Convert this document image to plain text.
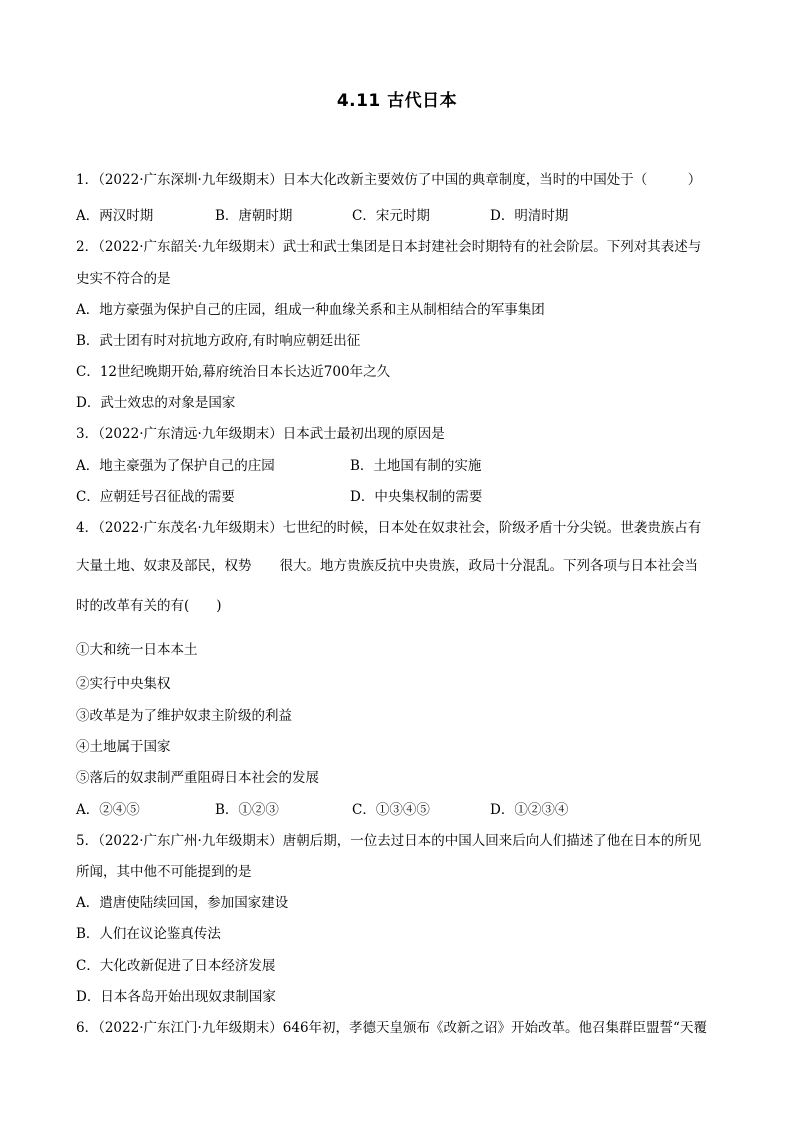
4.11 古代日本
1．（2022·广东深圳·九年级期末）日本大化改新主要效仿了中国的典章制度，当时的中国处于（　　　）
A．两汉时期	B．唐朝时期	C．宋元时期	D．明清时期
2．（2022·广东韶关·九年级期末）武士和武士集团是日本封建社会时期特有的社会阶层。下列对其表述与
史实不符合的是
A．地方豪强为保护自己的庄园，组成一种血缘关系和主从制相结合的军事集团
B．武士团有时对抗地方政府,有时响应朝廷出征
C．12世纪晚期开始,幕府统治日本长达近700年之久
D．武士效忠的对象是国家
3．（2022·广东清远·九年级期末）日本武士最初出现的原因是
A．地主豪强为了保护自己的庄园	B．土地国有制的实施
C．应朝廷号召征战的需要	D．中央集权制的需要
4．（2022·广东茂名·九年级期末）七世纪的时候，日本处在奴隶社会，阶级矛盾十分尖锐。世袭贵族占有
大量土地、奴隶及部民，权势 很大。地方贵族反抗中央贵族，政局十分混乱。下列各项与日本社会当
时的改革有关的有(　　)
①大和统一日本本土
②实行中央集权
③改革是为了维护奴隶主阶级的利益
④土地属于国家
⑤落后的奴隶制严重阻碍日本社会的发展
A．②④⑤	B．①②③	C．①③④⑤	D．①②③④
5．（2022·广东广州·九年级期末）唐朝后期，一位去过日本的中国人回来后向人们描述了他在日本的所见
所闻，其中他不可能提到的是
A．遣唐使陆续回国，参加国家建设
B．人们在议论鉴真传法
C．大化改新促进了日本经济发展
D．日本各岛开始出现奴隶制国家
6．（2022·广东江门·九年级期末）646年初，孝德天皇颁布《改新之诏》开始改革。他召集群臣盟誓“天覆
